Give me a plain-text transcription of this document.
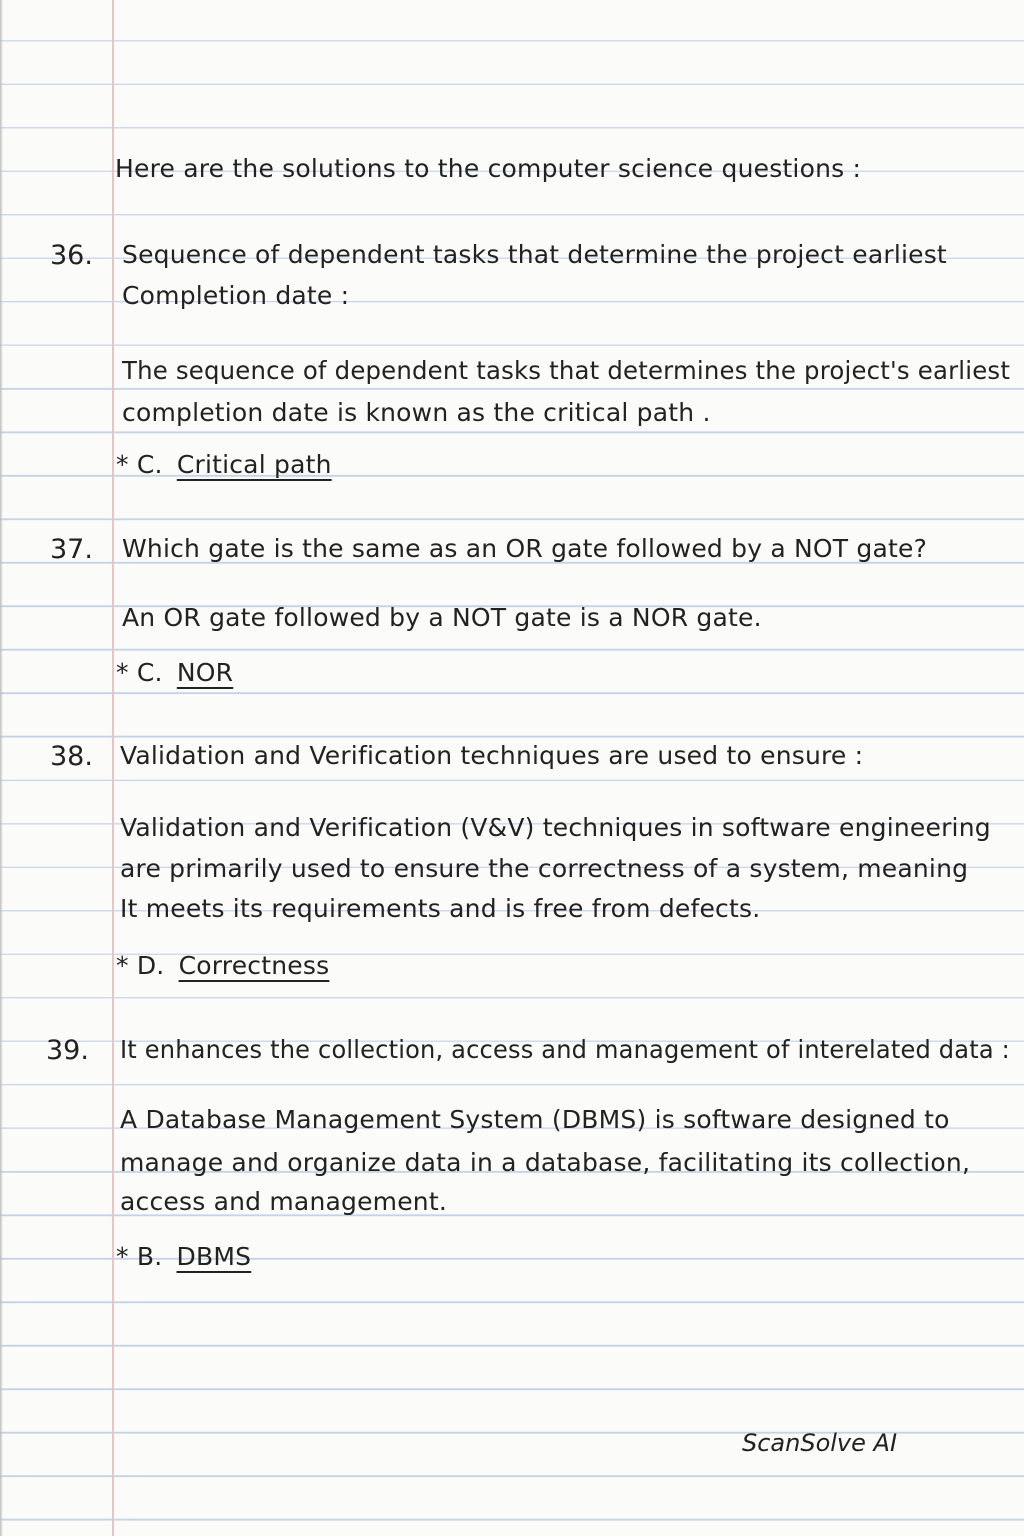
Here are the solutions to the computer science questions :
36. Sequence of dependent tasks that determine the project earliest
Completion date :
The sequence of dependent tasks that determines the project's earliest
completion date is known as the critical path .
* C. Critical path
37. Which gate is the same as an OR gate followed by a NOT gate?
An OR gate followed by a NOT gate is a NOR gate.
* C. NOR
38. Validation and Verification techniques are used to ensure :
Validation and Verification (V&V) techniques in software engineering
are primarily used to ensure the correctness of a system, meaning
It meets its requirements and is free from defects.
* D. Correctness
39. It enhances the collection, access and management of interelated data :
A Database Management System (DBMS) is software designed to
manage and organize data in a database, facilitating its collection,
access and management.
* B. DBMS
ScanSolve AI
